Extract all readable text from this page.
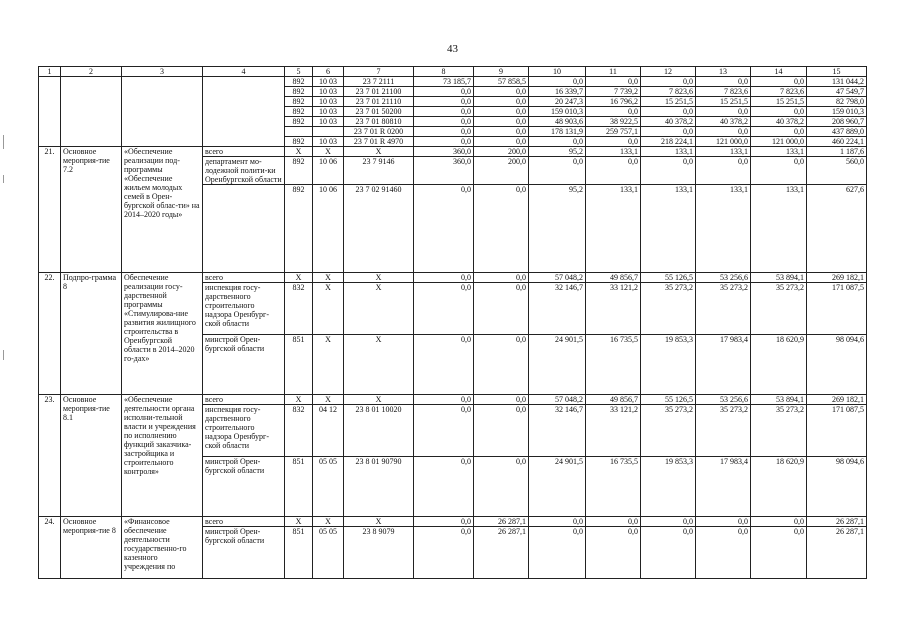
43
1	2	3	4	5	6	7	8	9	10	11	12	13	14	15
				892	10 03	23 7 2111	73 185,7	57 858,5	0,0	0,0	0,0	0,0	0,0	131 044,2
				892	10 03	23 7 01 21100	0,0	0,0	16 339,7	7 739,2	7 823,6	7 823,6	7 823,6	47 549,7
				892	10 03	23 7 01 21110	0,0	0,0	20 247,3	16 796,2	15 251,5	15 251,5	15 251,5	82 798,0
				892	10 03	23 7 01 50200	0,0	0,0	159 010,3	0,0	0,0	0,0	0,0	159 010,3
				892	10 03	23 7 01 80810	0,0	0,0	48 903,6	38 922,5	40 378,2	40 378,2	40 378,2	208 960,7
						23 7 01 R 0200	0,0	0,0	178 131,9	259 757,1	0,0	0,0	0,0	437 889,0
				892	10 03	23 7 01 R 4970	0,0	0,0	0,0	0,0	218 224,1	121 000,0	121 000,0	460 224,1
21.	Основное мероприя-тие 7.2	«Обеспечение реализации под-программы «Обеспечение жильем молодых семей в Орен-бургской облас-ти» на 2014–2020 годы»	всего	X	X	X	360,0	200,0	95,2	133,1	133,1	133,1	133,1	1 187,6
			департамент мо-лодежной полити-ки Оренбургской области	892	10 06	23 7 9146	360,0	200,0	0,0	0,0	0,0	0,0	0,0	560,0
				892	10 06	23 7 02 91460	0,0	0,0	95,2	133,1	133,1	133,1	133,1	627,6
22.	Подпро-грамма 8	Обеспечение реализации госу-дарственной программы «Стимулирова-ние развития жилищного строительства в Оренбургской области в 2014–2020 го-дах»	всего	X	X	X	0,0	0,0	57 048,2	49 856,7	55 126,5	53 256,6	53 894,1	269 182,1
			инспекция госу-дарственного строительного надзора Оренбург-ской области	832	X	X	0,0	0,0	32 146,7	33 121,2	35 273,2	35 273,2	35 273,2	171 087,5
			минстрой Орен-бургской области	851	X	X	0,0	0,0	24 901,5	16 735,5	19 853,3	17 983,4	18 620,9	98 094,6
23.	Основное мероприя-тие 8.1	«Обеспечение деятельности органа исполни-тельной власти и учреждения по исполнению функций заказчика-застройщика и строительного контроля»	всего	X	X	X	0,0	0,0	57 048,2	49 856,7	55 126,5	53 256,6	53 894,1	269 182,1
			инспекция госу-дарственного строительного надзора Оренбург-ской области	832	04 12	23 8 01 10020	0,0	0,0	32 146,7	33 121,2	35 273,2	35 273,2	35 273,2	171 087,5
			минстрой Орен-бургской области	851	05 05	23 8 01 90790	0,0	0,0	24 901,5	16 735,5	19 853,3	17 983,4	18 620,9	98 094,6
24.	Основное мероприя-тие 8	«Финансовое обеспечение деятельности государственно-го казенного учреждения по	всего	X	X	X	0,0	26 287,1	0,0	0,0	0,0	0,0	0,0	26 287,1
			минстрой Орен-бургской области	851	05 05	23 8 9079	0,0	26 287,1	0,0	0,0	0,0	0,0	0,0	26 287,1
